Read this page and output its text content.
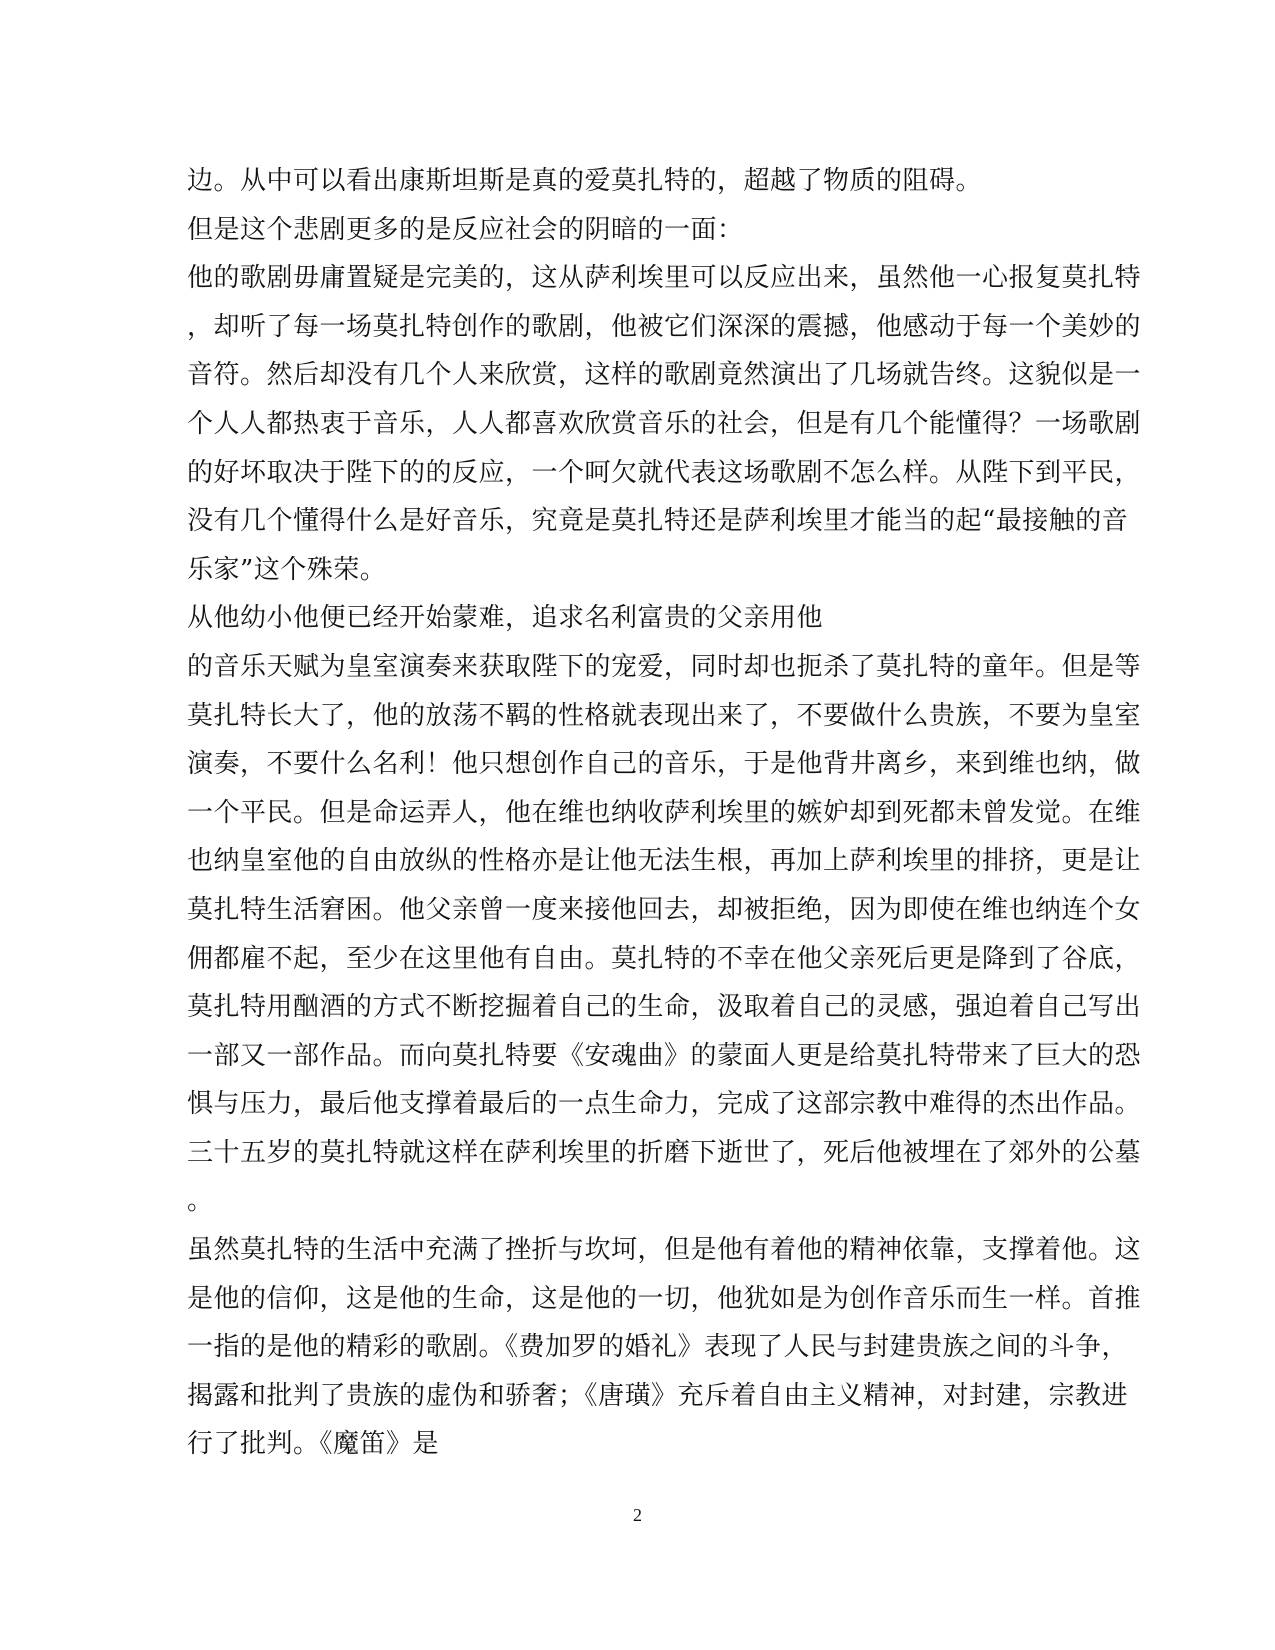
边。从中可以看出康斯坦斯是真的爱莫扎特的，超越了物质的阻碍。
但是这个悲剧更多的是反应社会的阴暗的一面：
他的歌剧毋庸置疑是完美的，这从萨利埃里可以反应出来，虽然他一心报复莫扎特
，却听了每一场莫扎特创作的歌剧，他被它们深深的震撼，他感动于每一个美妙的
音符。然后却没有几个人来欣赏，这样的歌剧竟然演出了几场就告终。这貌似是一
个人人都热衷于音乐，人人都喜欢欣赏音乐的社会，但是有几个能懂得？一场歌剧
的好坏取决于陛下的的反应，一个呵欠就代表这场歌剧不怎么样。从陛下到平民，
没有几个懂得什么是好音乐，究竟是莫扎特还是萨利埃里才能当的起“最接触的音
乐家”这个殊荣。
从他幼小他便已经开始蒙难，追求名利富贵的父亲用他
的音乐天赋为皇室演奏来获取陛下的宠爱，同时却也扼杀了莫扎特的童年。但是等
莫扎特长大了，他的放荡不羁的性格就表现出来了，不要做什么贵族，不要为皇室
演奏，不要什么名利！他只想创作自己的音乐，于是他背井离乡，来到维也纳，做
一个平民。但是命运弄人，他在维也纳收萨利埃里的嫉妒却到死都未曾发觉。在维
也纳皇室他的自由放纵的性格亦是让他无法生根，再加上萨利埃里的排挤，更是让
莫扎特生活窘困。他父亲曾一度来接他回去，却被拒绝，因为即使在维也纳连个女
佣都雇不起，至少在这里他有自由。莫扎特的不幸在他父亲死后更是降到了谷底，
莫扎特用酗酒的方式不断挖掘着自己的生命，汲取着自己的灵感，强迫着自己写出
一部又一部作品。而向莫扎特要《安魂曲》的蒙面人更是给莫扎特带来了巨大的恐
惧与压力，最后他支撑着最后的一点生命力，完成了这部宗教中难得的杰出作品。
三十五岁的莫扎特就这样在萨利埃里的折磨下逝世了，死后他被埋在了郊外的公墓
。
虽然莫扎特的生活中充满了挫折与坎坷，但是他有着他的精神依靠，支撑着他。这
是他的信仰，这是他的生命，这是他的一切，他犹如是为创作音乐而生一样。首推
一指的是他的精彩的歌剧。《费加罗的婚礼》表现了人民与封建贵族之间的斗争，
揭露和批判了贵族的虚伪和骄奢；《唐璜》充斥着自由主义精神，对封建，宗教进
行了批判。《魔笛》是
2
